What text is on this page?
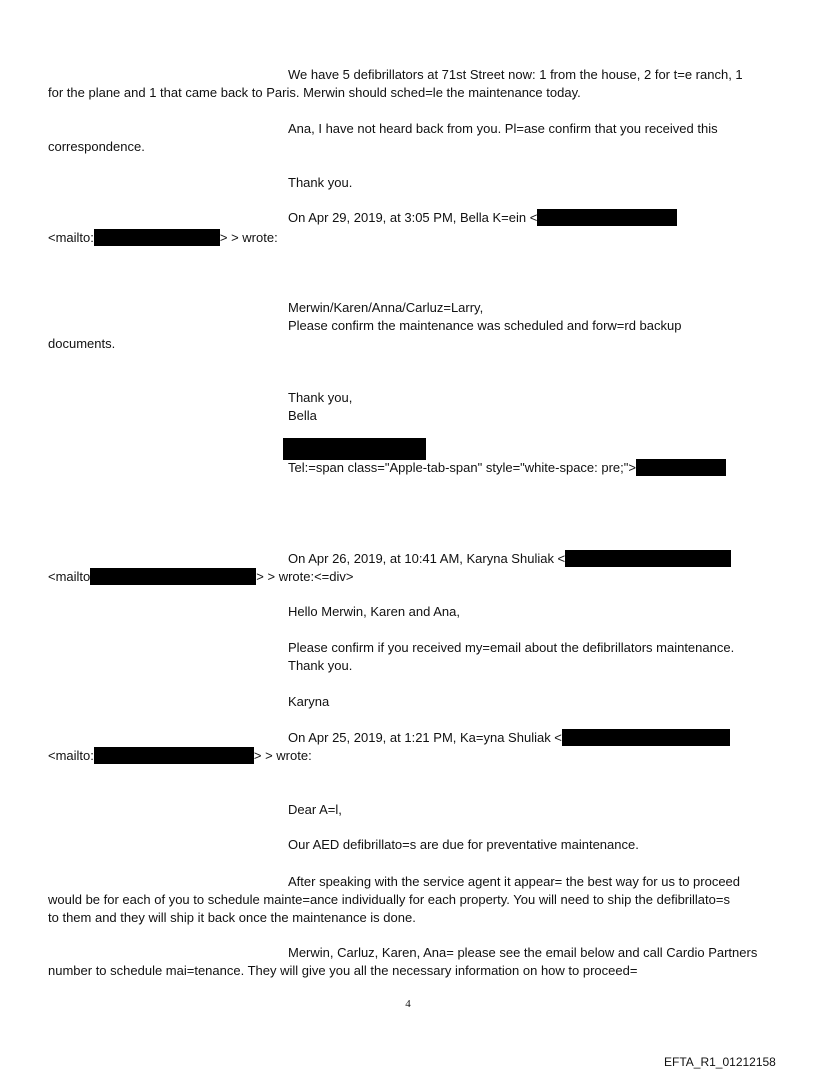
We have 5 defibrillators at 71st Street now: 1 from the house, 2 for t=e ranch, 1
for the plane and 1 that came back to Paris. Merwin should sched=le the maintenance today.
Ana, I have not heard back from you. Pl=ase confirm that you received this
correspondence.
Thank you.
On Apr 29, 2019, at 3:05 PM, Bella K=ein <
<mailto:	> > wrote:
Merwin/Karen/Anna/Carluz=Larry,
Please confirm the maintenance was scheduled and forw=rd backup
documents.
Thank you,
Bella
Tel:=span class="Apple-tab-span" style="white-space: pre;">
On Apr 26, 2019, at 10:41 AM, Karyna Shuliak <
<mailto	> > wrote:<=div>
Hello Merwin, Karen and Ana,
Please confirm if you received my=email about the defibrillators maintenance.
Thank you.
Karyna
On Apr 25, 2019, at 1:21 PM, Ka=yna Shuliak <
<mailto:	> > wrote:
Dear A=l,
Our AED defibrillato=s are due for preventative maintenance.
After speaking with the service agent it appear= the best way for us to proceed
would be for each of you to schedule mainte=ance individually for each property. You will need to ship the defibrillato=s
to them and they will ship it back once the maintenance is done.
Merwin, Carluz, Karen, Ana= please see the email below and call Cardio Partners
number to schedule mai=tenance. They will give you all the necessary information on how to proceed=
4
EFTA_R1_01212158
